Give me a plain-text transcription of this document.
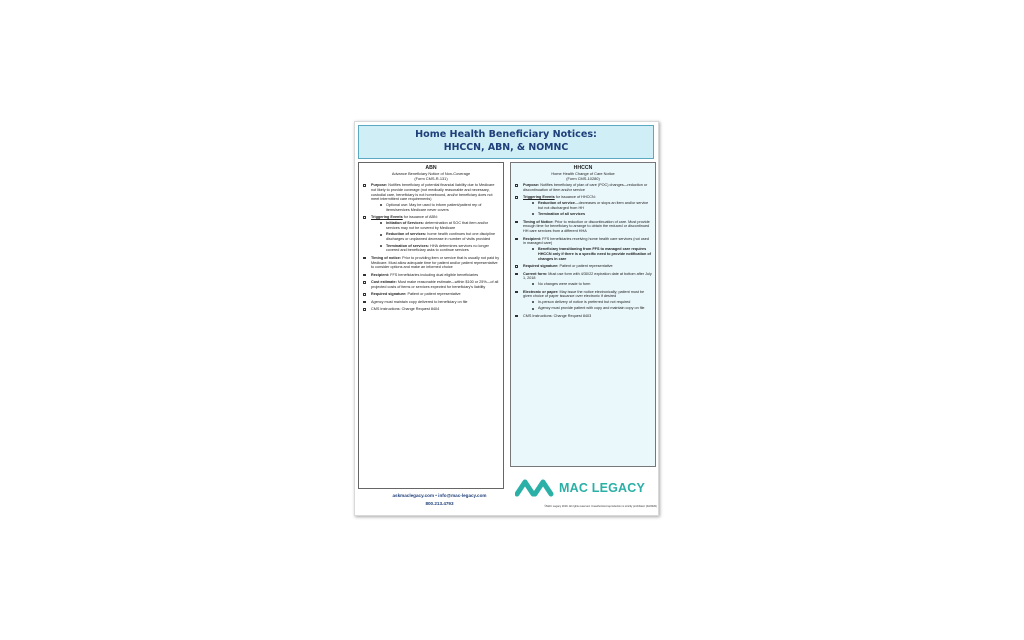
Home Health Beneficiary Notices:
HHCCN, ABN, & NOMNC
ABN
Advance Beneficiary Notice of Non-Coverage
(Form CMS-R-131)
Purpose: Notifies beneficiary of potential financial liability due to Medicare not likely to provide coverage (not medically reasonable and necessary, custodial care, beneficiary is not homebound, and/or beneficiary does not meet intermittent care requirements)
Optional use: May be used to inform patient/patient rep of items/services Medicare never covers
Triggering Events for issuance of ABN:
Initiation of Services: determination at SOC that item and/or services may not be covered by Medicare
Reduction of services: home health continues but one discipline discharges or unplanned decrease in number of visits provided
Termination of services: HHA determines services no longer covered and beneficiary asks to continue services
Timing of notice: Prior to providing item or service that is usually not paid by Medicare. Must allow adequate time for patient and/or patient representative to consider options and make an informed choice
Recipient: FFS beneficiaries including dual eligible beneficiaries
Cost estimate: Must make reasonable estimate—within $100 or 25%—of all projected costs of items or services expected for beneficiary's liability
Required signature: Patient or patient representative
Agency must maintain copy delivered to beneficiary on file
CMS Instructions: Change Request 8404
HHCCN
Home Health Change of Care Notice
(Form CMS-10280)
Purpose: Notifies beneficiary of plan of care (POC) changes—reduction or discontinuation of item and/or service
Triggering Events for issuance of HHCCN:
Reduction of service—decreases or stops an item and/or service but not discharged from HH
Termination of all services
Timing of Notice: Prior to reduction or discontinuation of care. Must provide enough time for beneficiary to arrange to obtain the reduced or discontinued HH care services from a different HHA
Recipient: FFS beneficiaries receiving home health care services (not used in managed care)
Beneficiary transitioning from FFS to managed care requires HHCCN only if there is a specific need to provide notification of changes in care
Required signature: Patient or patient representative
Current form: Must use form with 4/30/22 expiration date at bottom after July 1, 2018
No changes were made to form
Electronic or paper: May issue the notice electronically; patient must be given choice of paper issuance over electronic if desired
In-person delivery of notice is preferred but not required
Agency must provide patient with copy and maintain copy on file
CMS Instructions: Change Request 8403
askmaclegacy.com • info@mac-legacy.com
800.213.4793
MAC LEGACY
©MAC Legacy 2019. All rights reserved. Unauthorized reproduction is strictly prohibited. (02/2020)
